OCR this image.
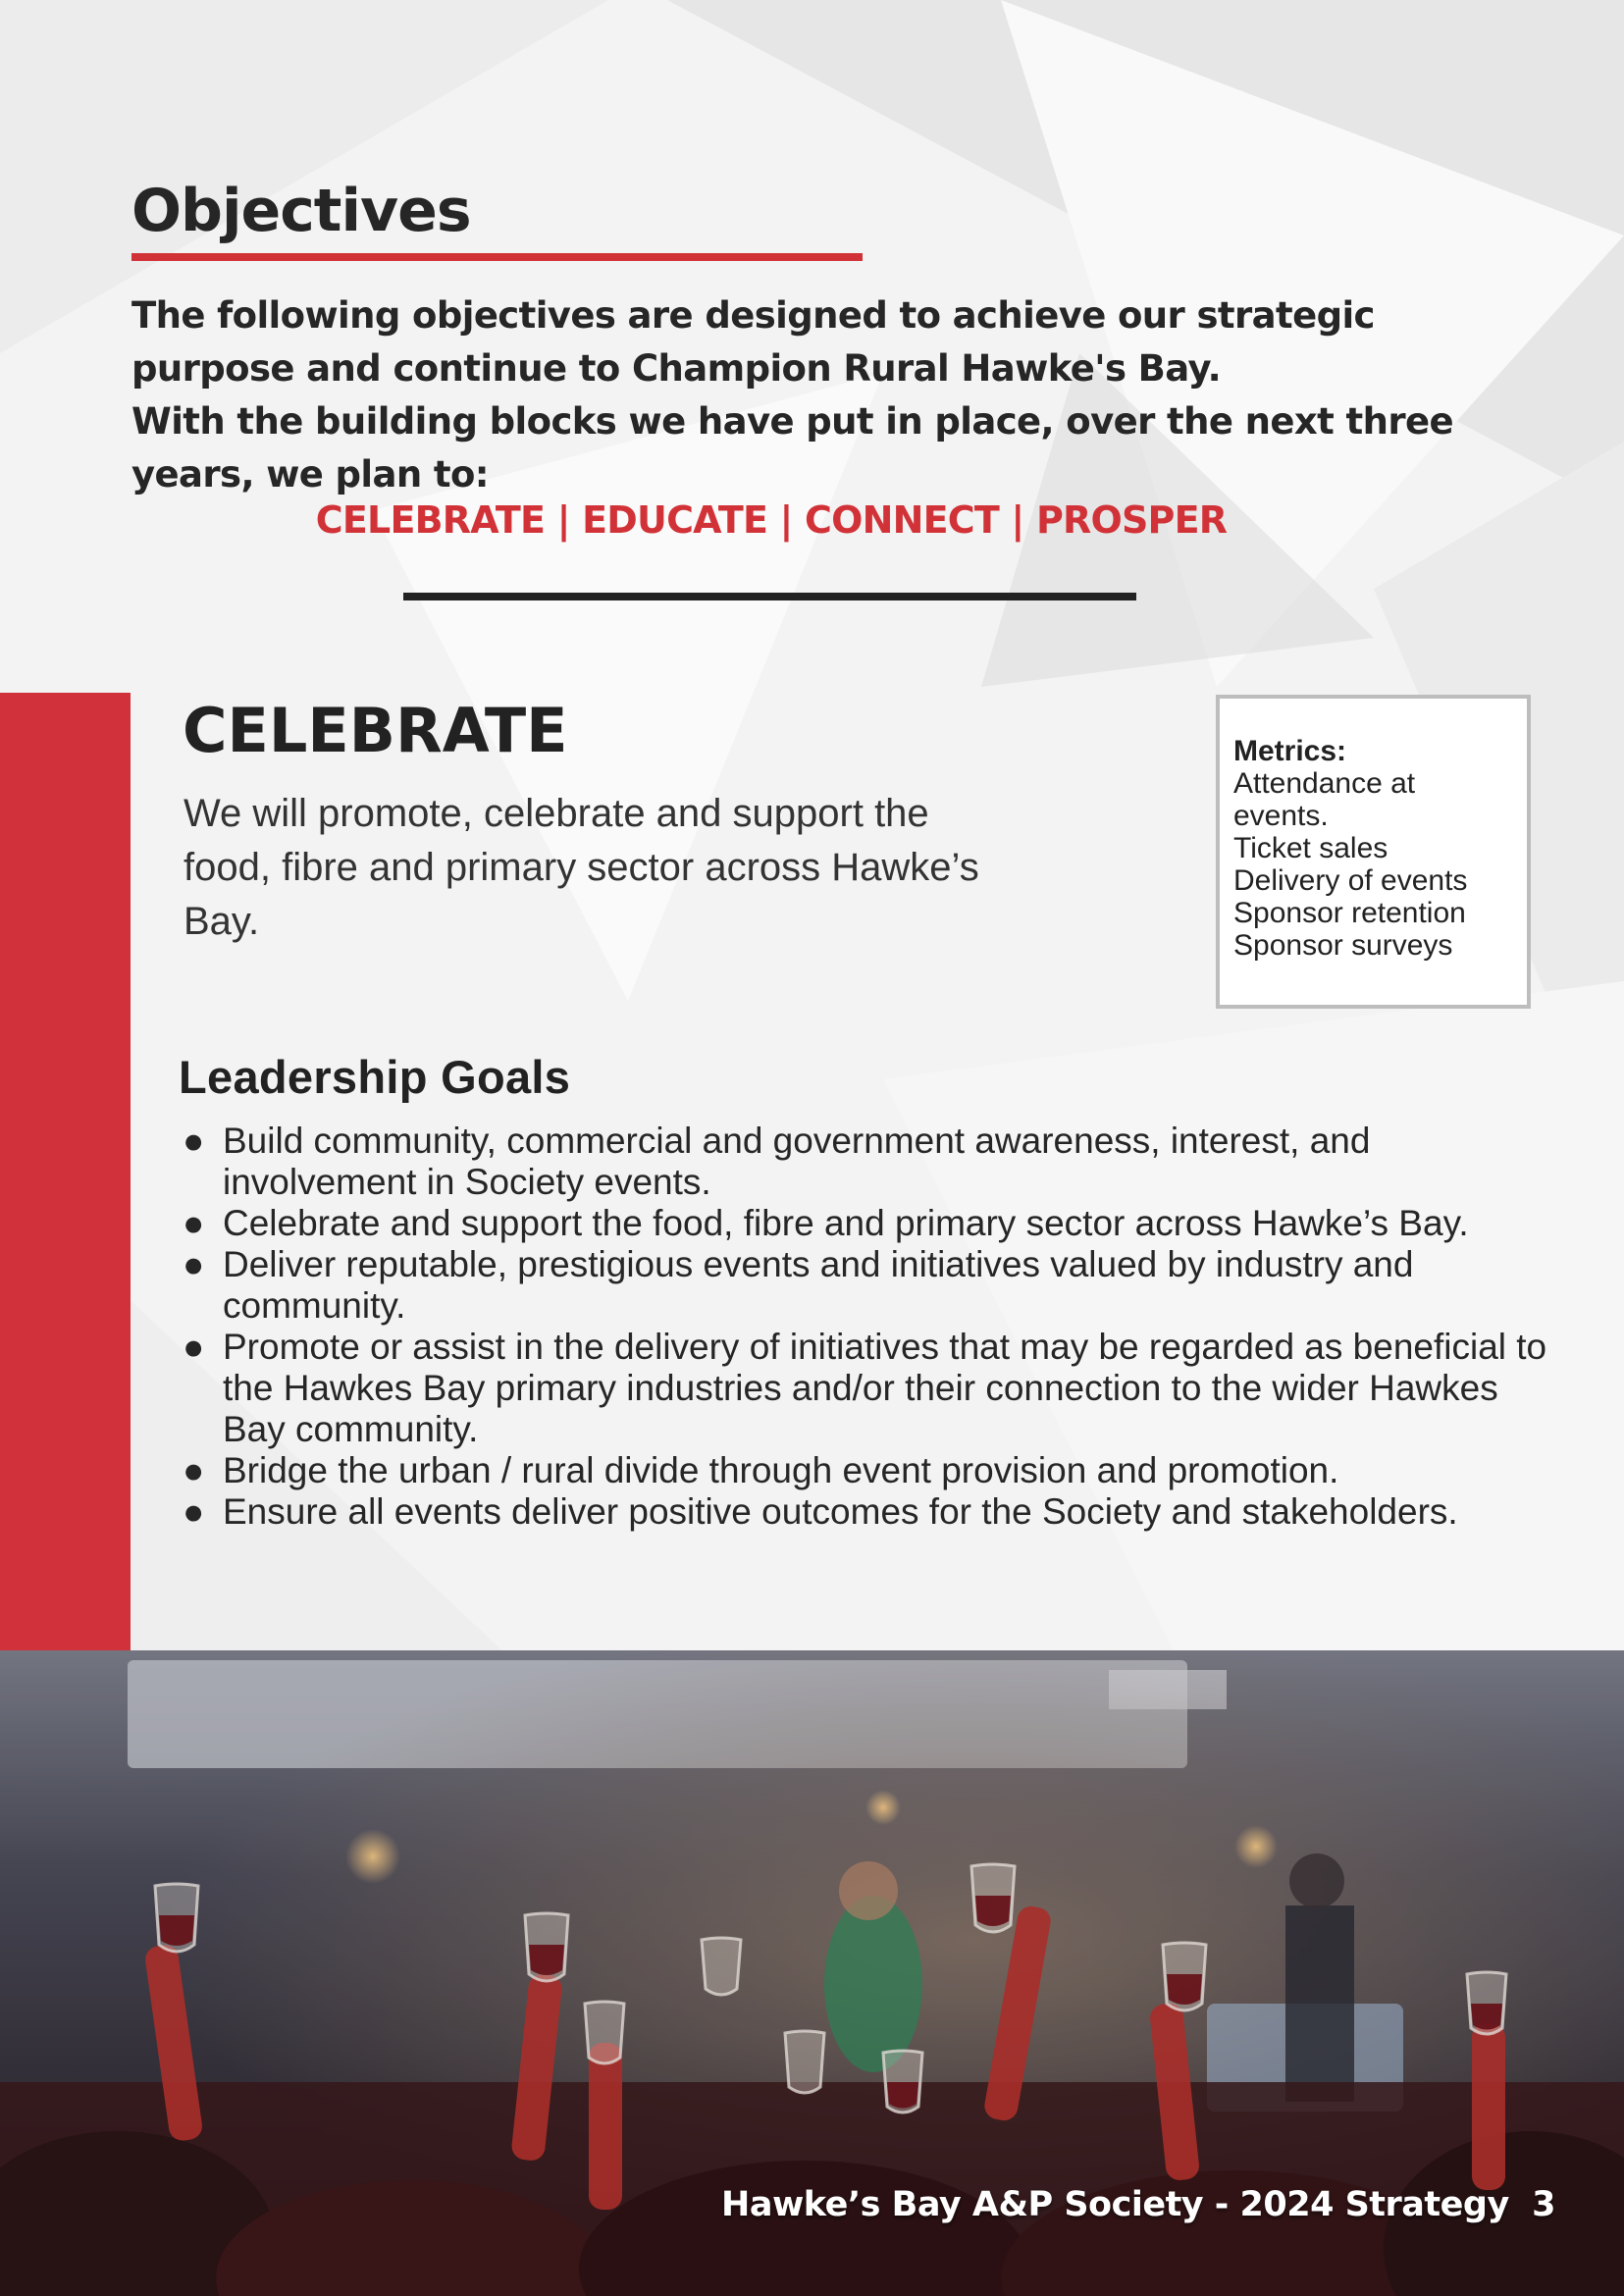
Objectives

The following objectives are designed to achieve our strategic purpose and continue to Champion Rural Hawke's Bay.
With the building blocks we have put in place, over the next three years, we plan to:

CELEBRATE | EDUCATE | CONNECT | PROSPER
CELEBRATE

We will promote, celebrate and support the food, fibre and primary sector across Hawke’s Bay.

Metrics:
Attendance at events.
Ticket sales
Delivery of events
Sponsor retention
Sponsor surveys
Leadership Goals
● Build community, commercial and government awareness, interest, and involvement in Society events.
● Celebrate and support the food, fibre and primary sector across Hawke’s Bay.
● Deliver reputable, prestigious events and initiatives valued by industry and community.
● Promote or assist in the delivery of initiatives that may be regarded as beneficial to the Hawkes Bay primary industries and/or their connection to the wider Hawkes Bay community.
● Bridge the urban / rural divide through event provision and promotion.
● Ensure all events deliver positive outcomes for the Society and stakeholders.
Hawke’s Bay A&P Society - 2024 Strategy 3
